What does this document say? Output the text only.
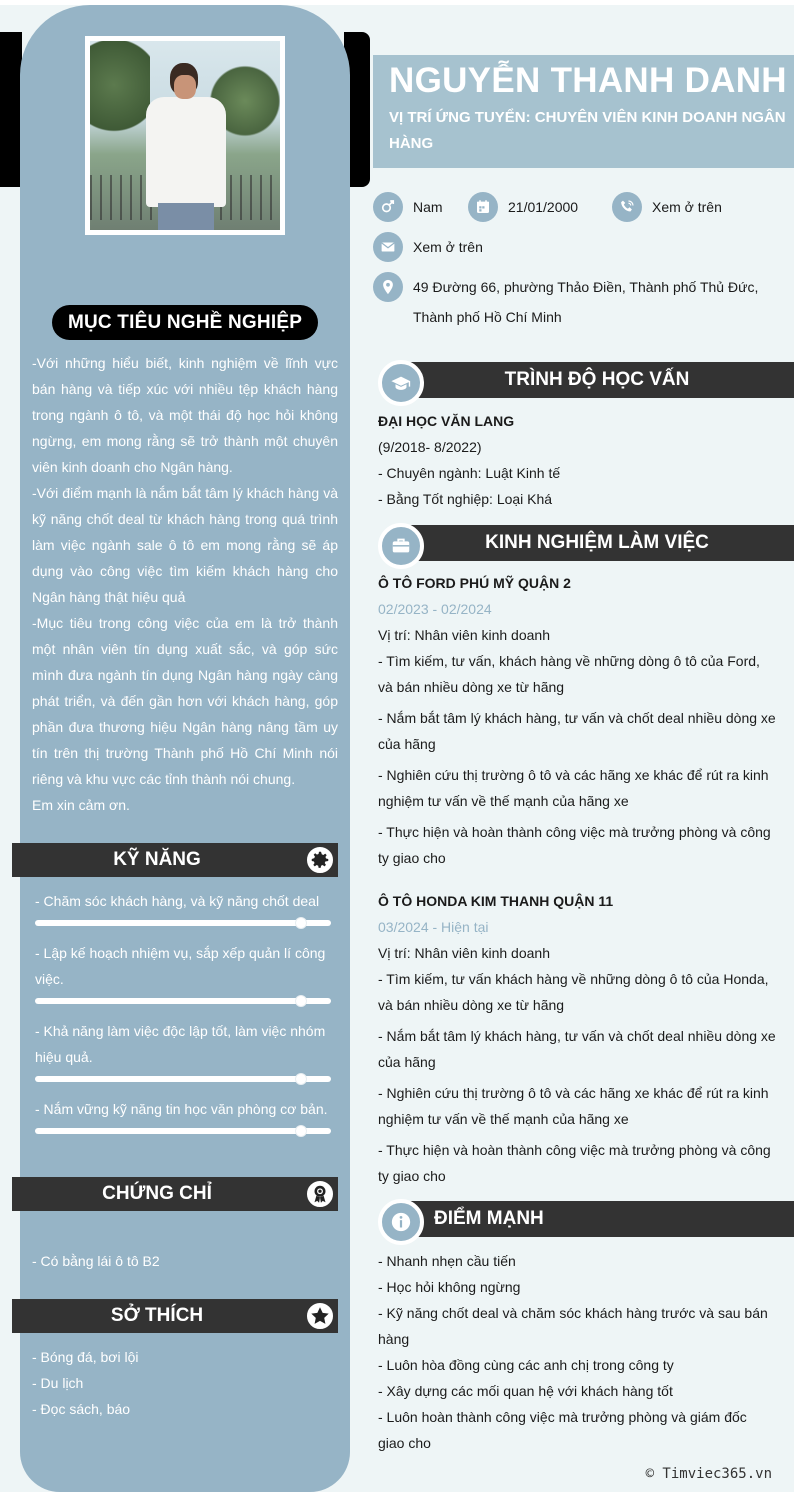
MỤC TIÊU NGHỀ NGHIỆP

-Với những hiểu biết, kinh nghiệm về lĩnh vực bán hàng và tiếp xúc với nhiều tệp khách hàng trong ngành ô tô, và một thái độ học hỏi không ngừng, em mong rằng sẽ trở thành một chuyên viên kinh doanh cho Ngân hàng.

-Với điểm mạnh là nắm bắt tâm lý khách hàng và kỹ năng chốt deal từ khách hàng trong quá trình làm việc ngành sale ô tô em mong rằng sẽ áp dụng vào công việc tìm kiếm khách hàng cho Ngân hàng thật hiệu quả

-Mục tiêu trong công việc của em là trở thành một nhân viên tín dụng xuất sắc, và góp sức mình đưa ngành tín dụng Ngân hàng ngày càng phát triển, và đến gần hơn với khách hàng, góp phần đưa thương hiệu Ngân hàng nâng tầm uy tín trên thị trường Thành phố Hồ Chí Minh nói riêng và khu vực các tỉnh thành nói chung.

Em xin cảm ơn.

KỸ NĂNG
- Chăm sóc khách hàng, và kỹ năng chốt deal
- Lập kế hoạch nhiệm vụ, sắp xếp quản lí công việc.
- Khả năng làm việc độc lập tốt, làm việc nhóm hiệu quả.
- Nắm vững kỹ năng tin học văn phòng cơ bản.
CHỨNG CHỈ
- Có bằng lái ô tô B2
SỞ THÍCH
- Bóng đá, bơi lội
- Du lịch
- Đọc sách, báo
NGUYỄN THANH DANH
VỊ TRÍ ỨNG TUYỂN: CHUYÊN VIÊN KINH DOANH NGÂN HÀNG
Nam	21/01/2000	Xem ở trên
Xem ở trên
49 Đường 66, phường Thảo Điền, Thành phố Thủ Đức,
Thành phố Hồ Chí Minh
TRÌNH ĐỘ HỌC VẤN

ĐẠI HỌC VĂN LANG

(9/2018- 8/2022)

- Chuyên ngành: Luật Kinh tế

- Bằng Tốt nghiệp: Loại Khá

KINH NGHIỆM LÀM VIỆC

Ô TÔ FORD PHÚ MỸ QUẬN 2

02/2023 - 02/2024

Vị trí: Nhân viên kinh doanh

- Tìm kiếm, tư vấn, khách hàng về những dòng ô tô của Ford, và bán nhiều dòng xe từ hãng

- Nắm bắt tâm lý khách hàng, tư vấn và chốt deal nhiều dòng xe của hãng

- Nghiên cứu thị trường ô tô và các hãng xe khác để rút ra kinh nghiệm tư vấn về thế mạnh của hãng xe

- Thực hiện và hoàn thành công việc mà trưởng phòng và công ty giao cho

Ô TÔ HONDA KIM THANH QUẬN 11

03/2024 - Hiện tại

Vị trí: Nhân viên kinh doanh

- Tìm kiếm, tư vấn khách hàng về những dòng ô tô của Honda, và bán nhiều dòng xe từ hãng

- Nắm bắt tâm lý khách hàng, tư vấn và chốt deal nhiều dòng xe của hãng

- Nghiên cứu thị trường ô tô và các hãng xe khác để rút ra kinh nghiệm tư vấn về thế mạnh của hãng xe

- Thực hiện và hoàn thành công việc mà trưởng phòng và công ty giao cho

ĐIỂM MẠNH

- Nhanh nhẹn cầu tiến

- Học hỏi không ngừng

- Kỹ năng chốt deal và chăm sóc khách hàng trước và sau bán hàng

- Luôn hòa đồng cùng các anh chị trong công ty

- Xây dựng các mối quan hệ với khách hàng tốt

- Luôn hoàn thành công việc mà trưởng phòng và giám đốc giao cho

© Timviec365.vn
